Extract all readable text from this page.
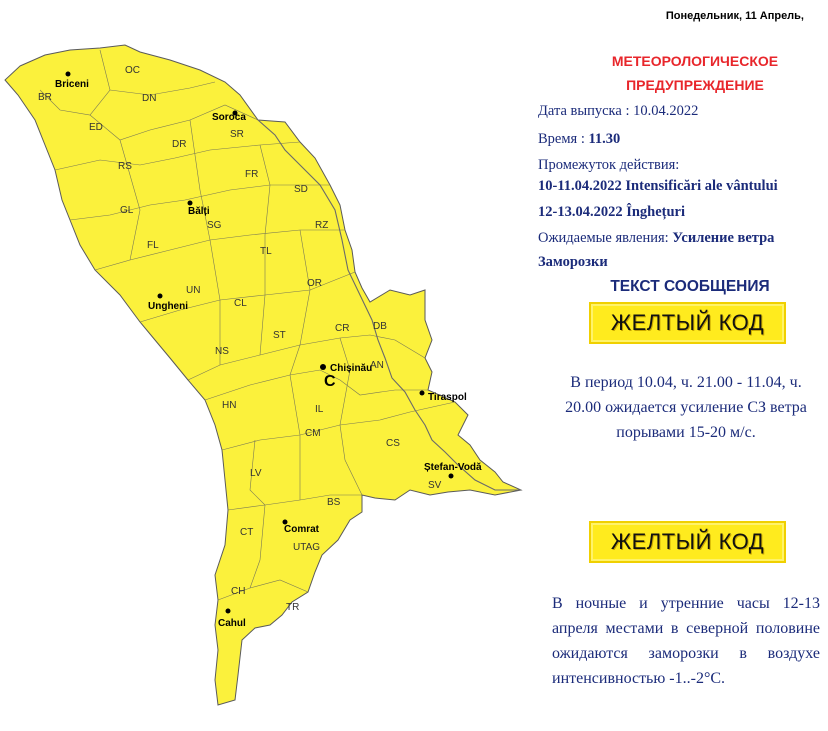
Понедельник, 11 Апрель,
OC
BR	DN
ED
SR
DR
RS
FR
SD
GL
SG	RZ
FL
TL
OR
UN
CL
CR DB
ST
NS
C
AN
HN	IL
CS
CM
LV
SV
BS
CT
UTAG
CH
TR
Briceni
Soroca
Bălți
Ungheni
Chișinău
Tiraspol
Ștefan-Vodă
Comrat
Cahul
МЕТЕОРОЛОГИЧЕСКОЕ
ПРЕДУПРЕЖДЕНИЕ
Дата выпуска : 10.04.2022
Время : 11.30
Промежуток действия:
10-11.04.2022 Intensificări ale vântului
12-13.04.2022 Înghețuri
Ожидаемые явления: Усиление ветра
Заморозки
ТЕКСТ СООБЩЕНИЯ
ЖЕЛТЫЙ КОД
В период 10.04, ч. 21.00 - 11.04, ч. 20.00 ожидается усиление СЗ ветра порывами 15-20 м/с.
ЖЕЛТЫЙ КОД
В ночные и утренние часы 12-13 апреля местами в северной половине ожидаются заморозки в воздухе интенсивностью -1..-2°С.
